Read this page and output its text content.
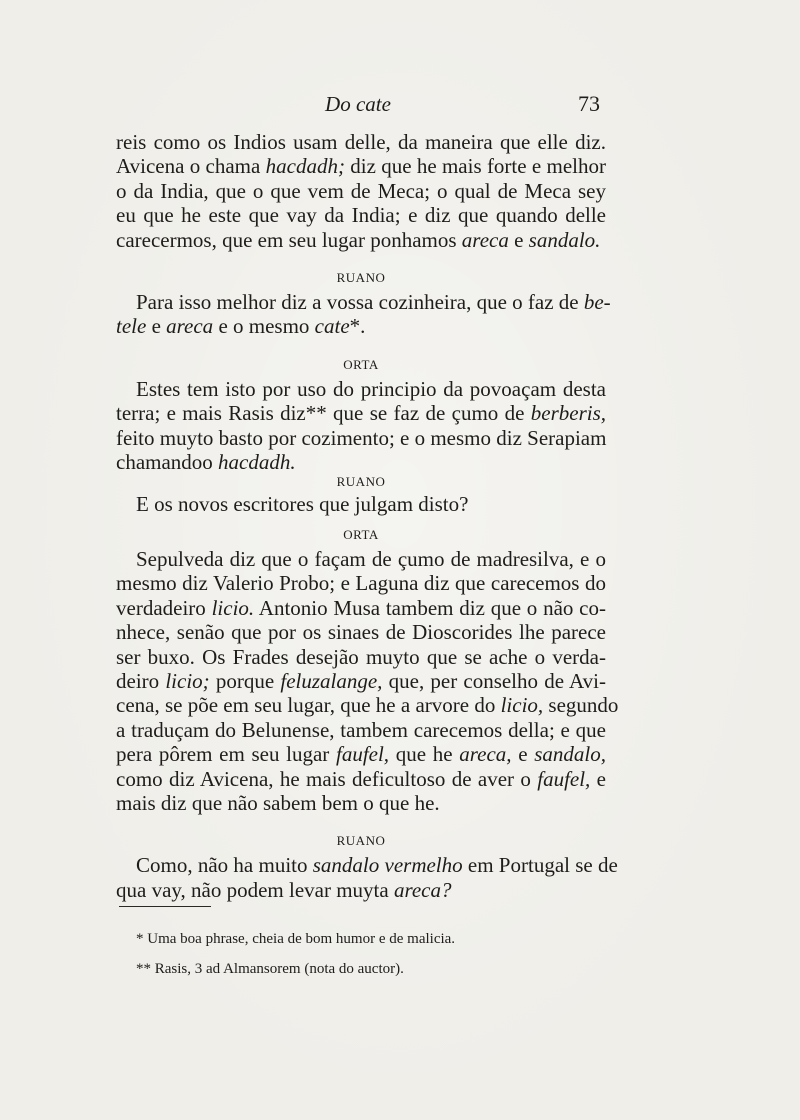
Do cate	73
reis como os Indios usam delle, da maneira que elle diz.
Avicena o chama hacdadh; diz que he mais forte e melhor
o da India, que o que vem de Meca; o qual de Meca sey
eu que he este que vay da India; e diz que quando delle
carecermos, que em seu lugar ponhamos areca e sandalo.

RUANO

Para isso melhor diz a vossa cozinheira, que o faz de be-
tele e areca e o mesmo cate*.

ORTA

Estes tem isto por uso do principio da povoaçam desta
terra; e mais Rasis diz** que se faz de çumo de berberis,
feito muyto basto por cozimento; e o mesmo diz Serapiam
chamandoo hacdadh.

RUANO

E os novos escritores que julgam disto?

ORTA

Sepulveda diz que o façam de çumo de madresilva, e o
mesmo diz Valerio Probo; e Laguna diz que carecemos do
verdadeiro licio. Antonio Musa tambem diz que o não co-
nhece, senão que por os sinaes de Dioscorides lhe parece
ser buxo. Os Frades desejão muyto que se ache o verda-
deiro licio; porque feluzalange, que, per conselho de Avi-
cena, se põe em seu lugar, que he a arvore do licio, segundo
a traduçam do Belunense, tambem carecemos della; e que
pera pôrem em seu lugar faufel, que he areca, e sandalo,
como diz Avicena, he mais deficultoso de aver o faufel, e
mais diz que não sabem bem o que he.

RUANO

Como, não ha muito sandalo vermelho em Portugal se de
qua vay, não podem levar muyta areca?
* Uma boa phrase, cheia de bom humor e de malicia.
** Rasis, 3 ad Almansorem (nota do auctor).
